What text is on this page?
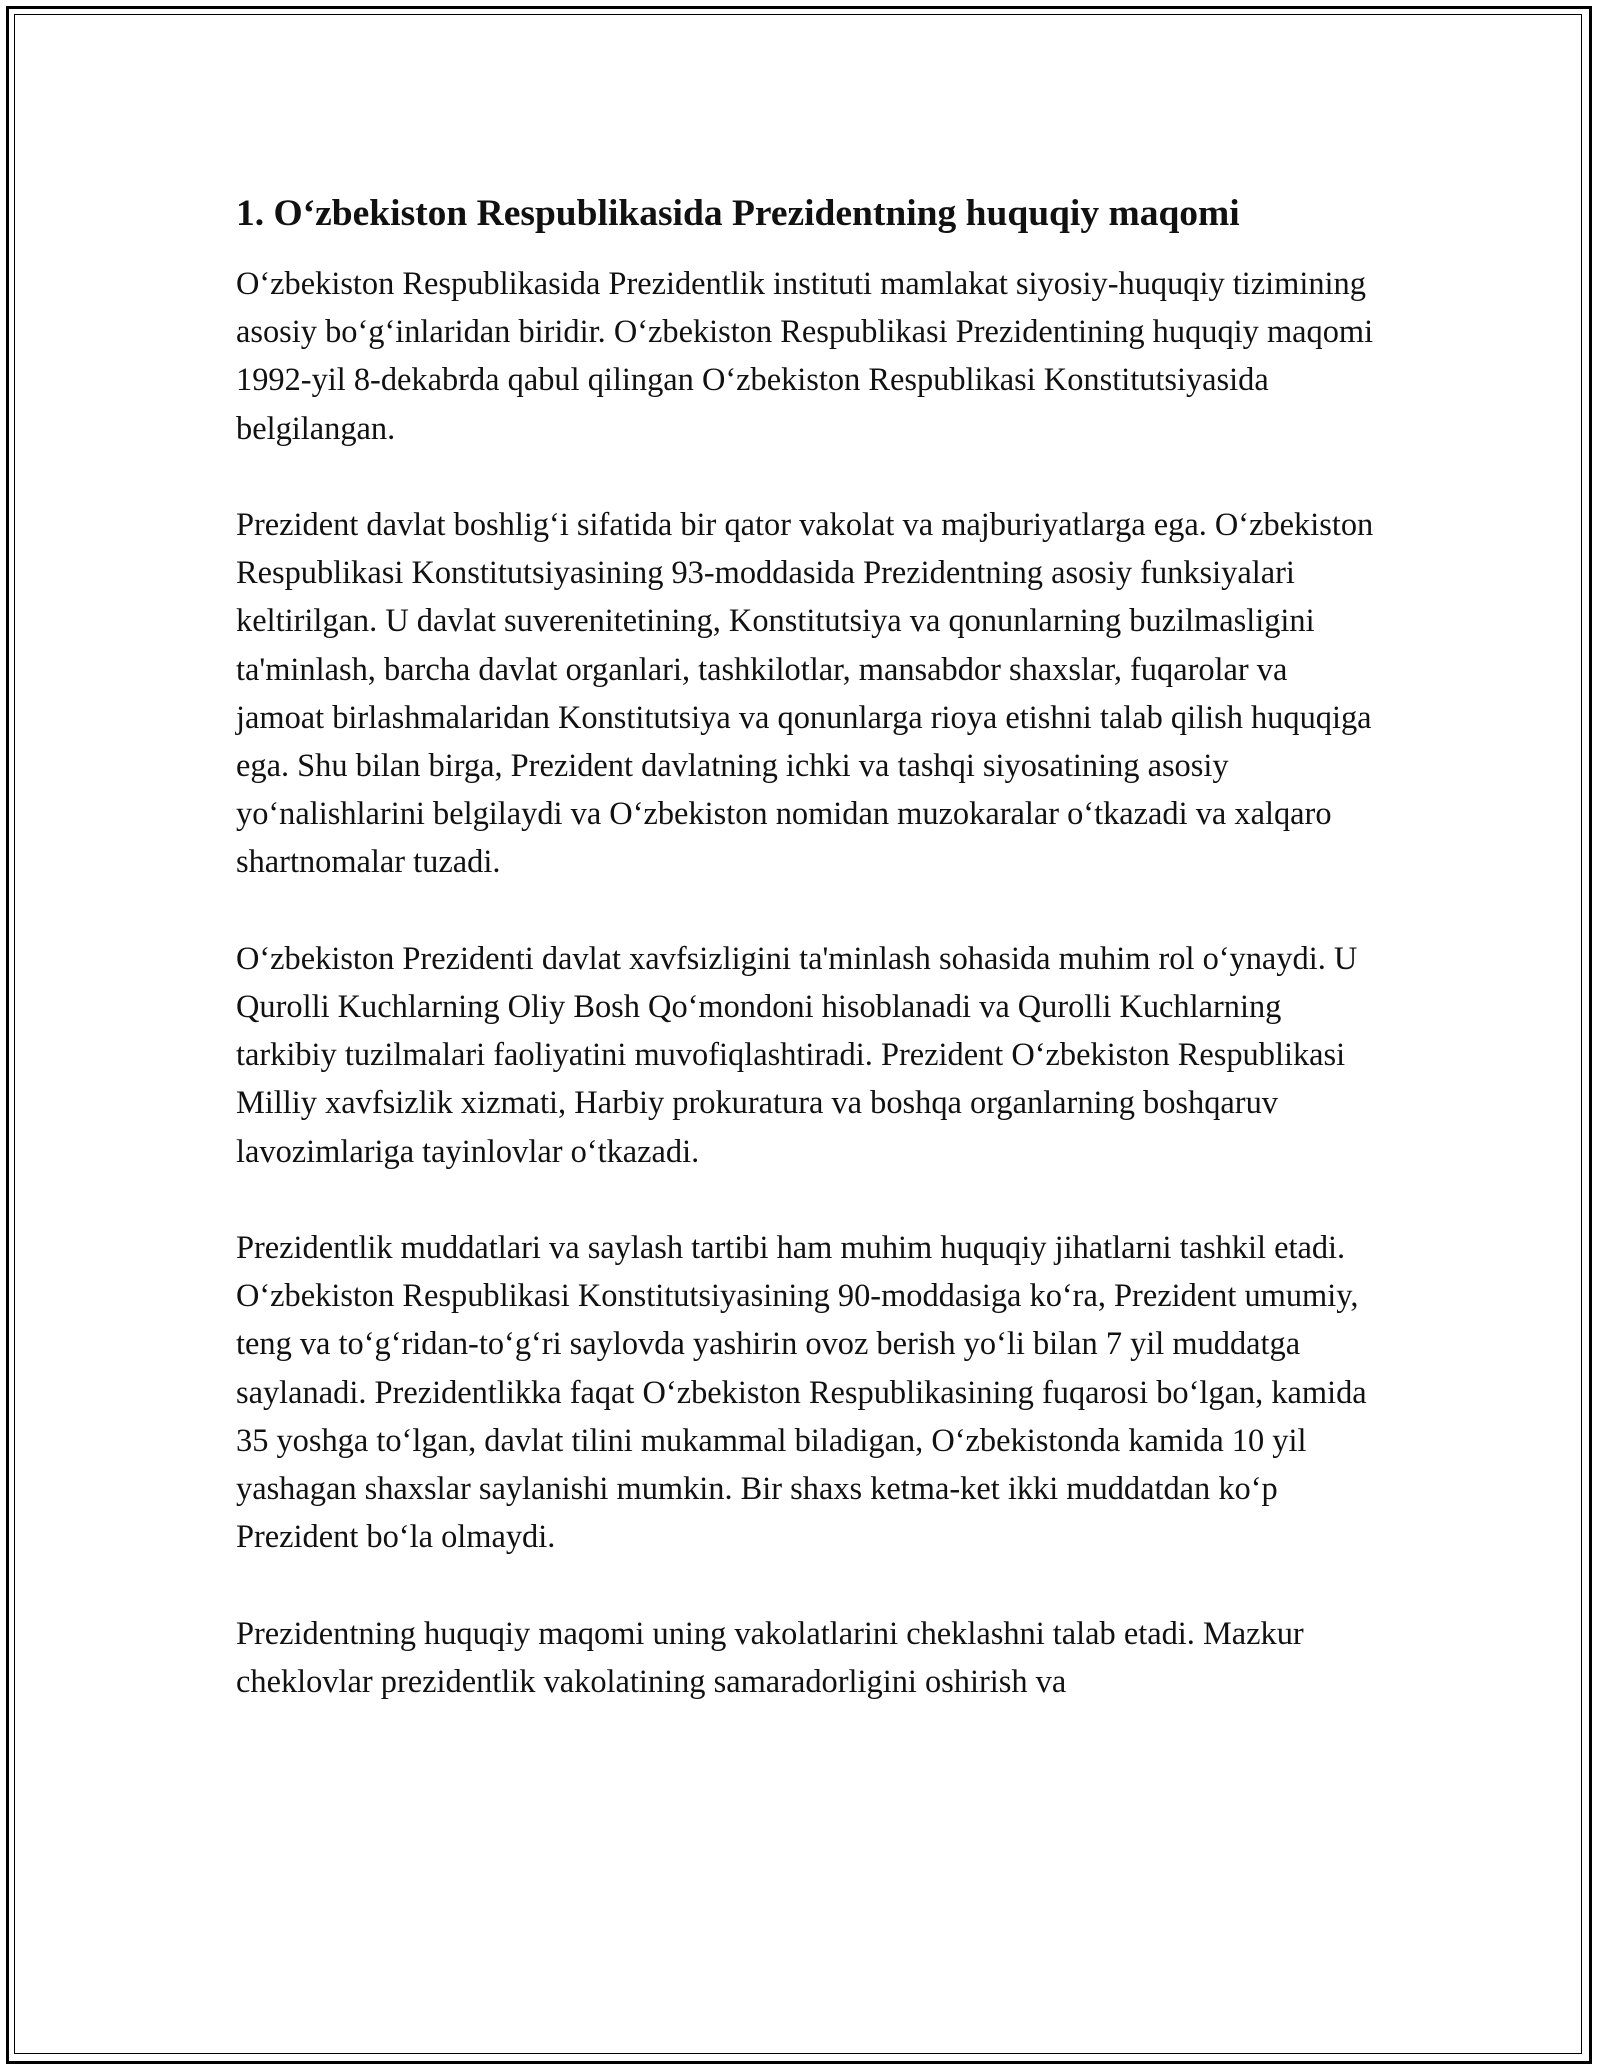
1. O‘zbekiston Respublikasida Prezidentning huquqiy maqomi

O‘zbekiston Respublikasida Prezidentlik instituti mamlakat siyosiy-huquqiy tizimining asosiy bo‘g‘inlaridan biridir. O‘zbekiston Respublikasi Prezidentining huquqiy maqomi 1992-yil 8-dekabrda qabul qilingan O‘zbekiston Respublikasi Konstitutsiyasida belgilangan.

Prezident davlat boshlig‘i sifatida bir qator vakolat va majburiyatlarga ega. O‘zbekiston Respublikasi Konstitutsiyasining 93-moddasida Prezidentning asosiy funksiyalari keltirilgan. U davlat suverenitetining, Konstitutsiya va qonunlarning buzilmasligini ta'minlash, barcha davlat organlari, tashkilotlar, mansabdor shaxslar, fuqarolar va jamoat birlashmalaridan Konstitutsiya va qonunlarga rioya etishni talab qilish huquqiga ega. Shu bilan birga, Prezident davlatning ichki va tashqi siyosatining asosiy yo‘nalishlarini belgilaydi va O‘zbekiston nomidan muzokaralar o‘tkazadi va xalqaro shartnomalar tuzadi.

O‘zbekiston Prezidenti davlat xavfsizligini ta'minlash sohasida muhim rol o‘ynaydi. U Qurolli Kuchlarning Oliy Bosh Qo‘mondoni hisoblanadi va Qurolli Kuchlarning tarkibiy tuzilmalari faoliyatini muvofiqlashtiradi. Prezident O‘zbekiston Respublikasi Milliy xavfsizlik xizmati, Harbiy prokuratura va boshqa organlarning boshqaruv lavozimlariga tayinlovlar o‘tkazadi.

Prezidentlik muddatlari va saylash tartibi ham muhim huquqiy jihatlarni tashkil etadi. O‘zbekiston Respublikasi Konstitutsiyasining 90-moddasiga ko‘ra, Prezident umumiy, teng va to‘g‘ridan-to‘g‘ri saylovda yashirin ovoz berish yo‘li bilan 7 yil muddatga saylanadi. Prezidentlikka faqat O‘zbekiston Respublikasining fuqarosi bo‘lgan, kamida 35 yoshga to‘lgan, davlat tilini mukammal biladigan, O‘zbekistonda kamida 10 yil yashagan shaxslar saylanishi mumkin. Bir shaxs ketma-ket ikki muddatdan ko‘p Prezident bo‘la olmaydi.

Prezidentning huquqiy maqomi uning vakolatlarini cheklashni talab etadi. Mazkur cheklovlar prezidentlik vakolatining samaradorligini oshirish va
